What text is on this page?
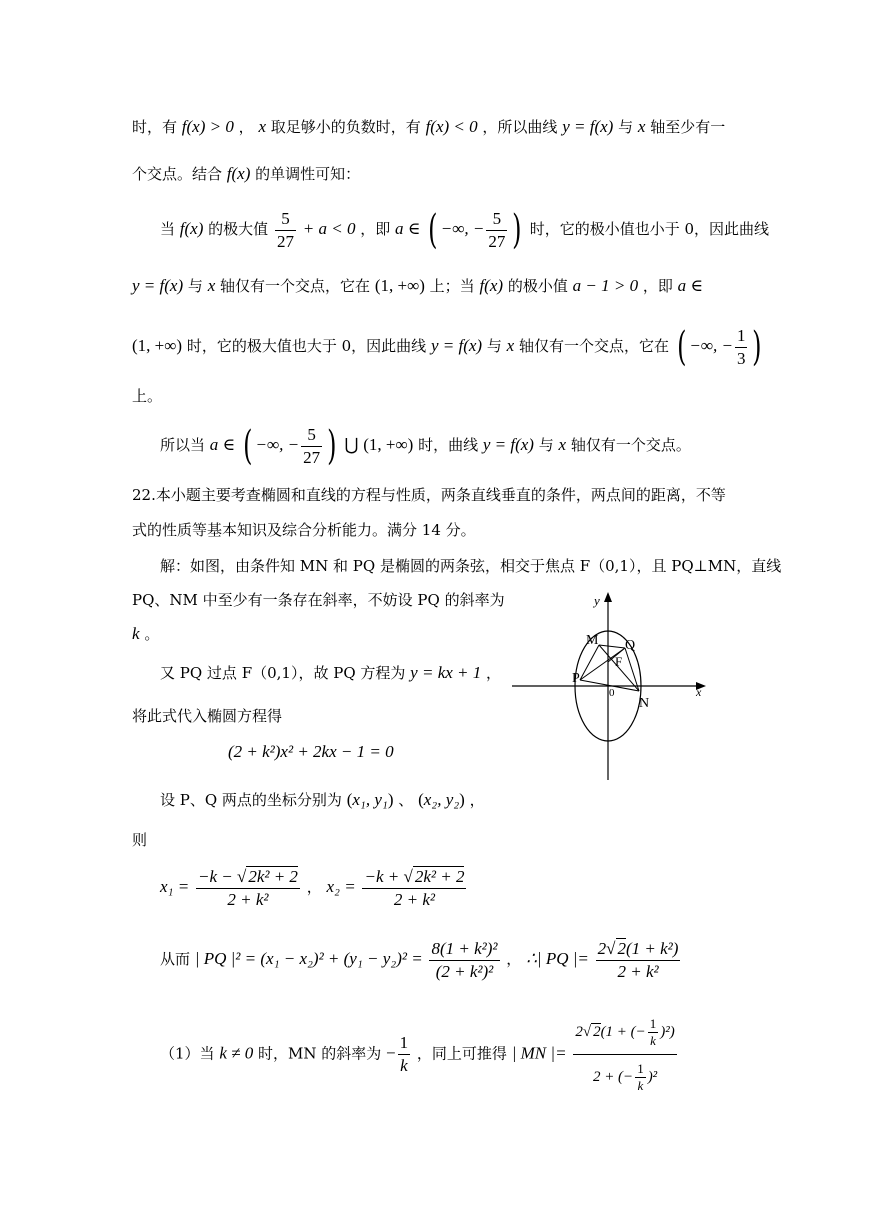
时，有 f(x) > 0 ， x 取足够小的负数时，有 f(x) < 0 ，所以曲线 y = f(x) 与 x 轴至少有一
个交点。结合 f(x) 的单调性可知：
当 f(x) 的极大值 $\frac{5}{27} + a < 0$ ，即 a ∈ ( −∞, − $\frac{5}{27}$ ) 时，它的极小值也小于 0，因此曲线
y = f(x) 与 x 轴仅有一个交点，它在 (1, +∞) 上；当 f(x) 的极小值 a − 1 > 0 ，即 a ∈
(1, +∞) 时，它的极大值也大于 0，因此曲线 y = f(x) 与 x 轴仅有一个交点，它在 ( −∞, − $\frac{1}{3}$ )
上。
所以当 a ∈ ( −∞, − $\frac{5}{27}$ ) ⋃ (1, +∞) 时，曲线 y = f(x) 与 x 轴仅有一个交点。
22.本小题主要考查椭圆和直线的方程与性质，两条直线垂直的条件，两点间的距离，不等
式的性质等基本知识及综合分析能力。满分 14 分。
解：如图，由条件知 MN 和 PQ 是椭圆的两条弦，相交于焦点 F（0,1），且 PQ⊥MN，直线
PQ、NM 中至少有一条存在斜率，不妨设 PQ 的斜率为
k 。
又 PQ 过点 F（0,1），故 PQ 方程为 y = kx + 1 ，
将此式代入椭圆方程得
(2 + k²)x² + 2kx − 1 = 0
设 P、Q 两点的坐标分别为 (x₁, y₁) 、 (x₂, y₂) ，
则
$x_1 = \frac{\text{−k − √ 2k² + 2}}{\text{2 + k²}}$ ， $x_2 = \frac{\text{−k + √ 2k² + 2}}{\text{2 + k²}}$
从而 | PQ $|^2 = (x_1 - x_2)^2 + (y_1 - y_2)^2 = \frac{\text{8(1 + k²)²}}{\text{(2 + k²)²}}$ ， ∴| PQ |= $\frac{\text{2√ 2(1 + k²)}}{\text{2 + k²}}$
（1）当 k ≠ 0 时，MN 的斜率为 − $\frac{1}{k}$ ，同上可推得 | MN |= $\frac{2√ 2(1 + (- \frac{1}{k} )^2)}{2 + (- \frac{1}{k} )^2}$
y
x
M Q
F
P
0
N
